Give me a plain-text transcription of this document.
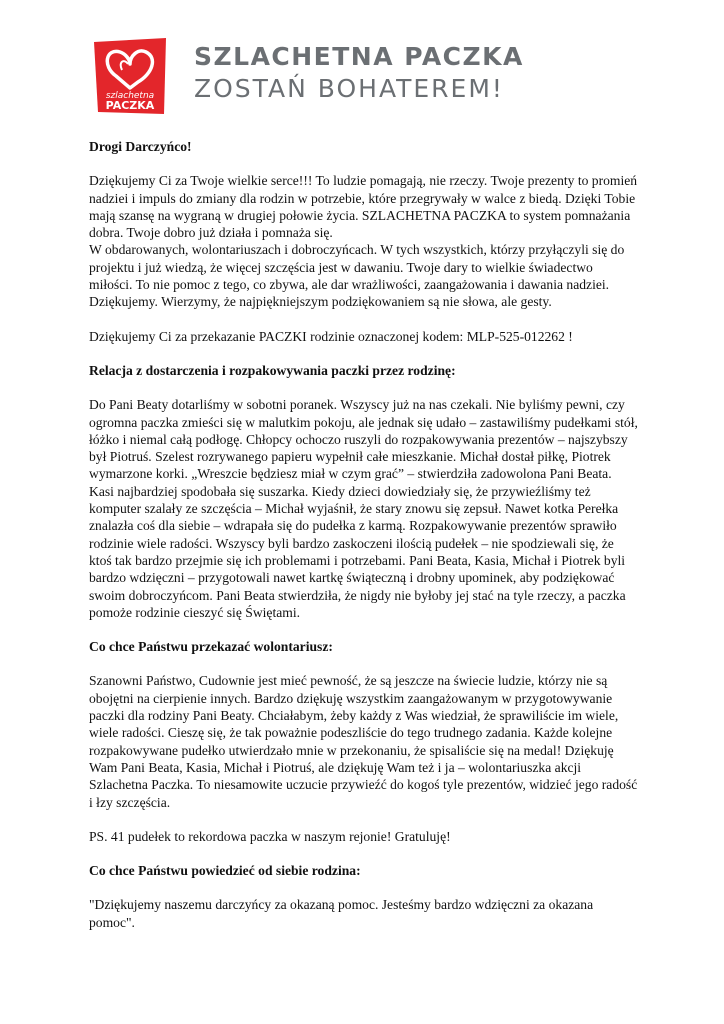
szlachetna
PACZKA
SZLACHETNA PACZKA
ZOSTAŃ BOHATEREM!
Drogi Darczyńco!

Dziękujemy Ci za Twoje wielkie serce!!! To ludzie pomagają, nie rzeczy. Twoje prezenty to promień nadziei i impuls do zmiany dla rodzin w potrzebie, które przegrywały w walce z biedą. Dzięki Tobie mają szansę na wygraną w drugiej połowie życia. SZLACHETNA PACZKA to system pomnażania dobra. Twoje dobro już działa i pomnaża się.

W obdarowanych, wolontariuszach i dobroczyńcach. W tych wszystkich, którzy przyłączyli się do projektu i już wiedzą, że więcej szczęścia jest w dawaniu. Twoje dary to wielkie świadectwo miłości. To nie pomoc z tego, co zbywa, ale dar wrażliwości, zaangażowania i dawania nadziei. Dziękujemy. Wierzymy, że najpiękniejszym podziękowaniem są nie słowa, ale gesty.

Dziękujemy Ci za przekazanie PACZKI rodzinie oznaczonej kodem: MLP-525-012262 !

Relacja z dostarczenia i rozpakowywania paczki przez rodzinę:

Do Pani Beaty dotarliśmy w sobotni poranek. Wszyscy już na nas czekali. Nie byliśmy pewni, czy ogromna paczka zmieści się w malutkim pokoju, ale jednak się udało – zastawiliśmy pudełkami stół, łóżko i niemal całą podłogę. Chłopcy ochoczo ruszyli do rozpakowywania prezentów – najszybszy był Piotruś. Szelest rozrywanego papieru wypełnił całe mieszkanie. Michał dostał piłkę, Piotrek wymarzone korki. „Wreszcie będziesz miał w czym grać” – stwierdziła zadowolona Pani Beata. Kasi najbardziej spodobała się suszarka. Kiedy dzieci dowiedziały się, że przywieźliśmy też komputer szalały ze szczęścia – Michał wyjaśnił, że stary znowu się zepsuł. Nawet kotka Perełka znalazła coś dla siebie – wdrapała się do pudełka z karmą. Rozpakowywanie prezentów sprawiło rodzinie wiele radości. Wszyscy byli bardzo zaskoczeni ilością pudełek – nie spodziewali się, że ktoś tak bardzo przejmie się ich problemami i potrzebami. Pani Beata, Kasia, Michał i Piotrek byli bardzo wdzięczni – przygotowali nawet kartkę świąteczną i drobny upominek, aby podziękować swoim dobroczyńcom. Pani Beata stwierdziła, że nigdy nie byłoby jej stać na tyle rzeczy, a paczka pomoże rodzinie cieszyć się Świętami.

Co chce Państwu przekazać wolontariusz:

Szanowni Państwo, Cudownie jest mieć pewność, że są jeszcze na świecie ludzie, którzy nie są obojętni na cierpienie innych. Bardzo dziękuję wszystkim zaangażowanym w przygotowywanie paczki dla rodziny Pani Beaty. Chciałabym, żeby każdy z Was wiedział, że sprawiliście im wiele, wiele radości. Cieszę się, że tak poważnie podeszliście do tego trudnego zadania. Każde kolejne rozpakowywane pudełko utwierdzało mnie w przekonaniu, że spisaliście się na medal! Dziękuję Wam Pani Beata, Kasia, Michał i Piotruś, ale dziękuję Wam też i ja – wolontariuszka akcji Szlachetna Paczka. To niesamowite uczucie przywieźć do kogoś tyle prezentów, widzieć jego radość i łzy szczęścia.

PS. 41 pudełek to rekordowa paczka w naszym rejonie! Gratuluję!

Co chce Państwu powiedzieć od siebie rodzina:

"Dziękujemy naszemu darczyńcy za okazaną pomoc. Jesteśmy bardzo wdzięczni za okazana pomoc".
